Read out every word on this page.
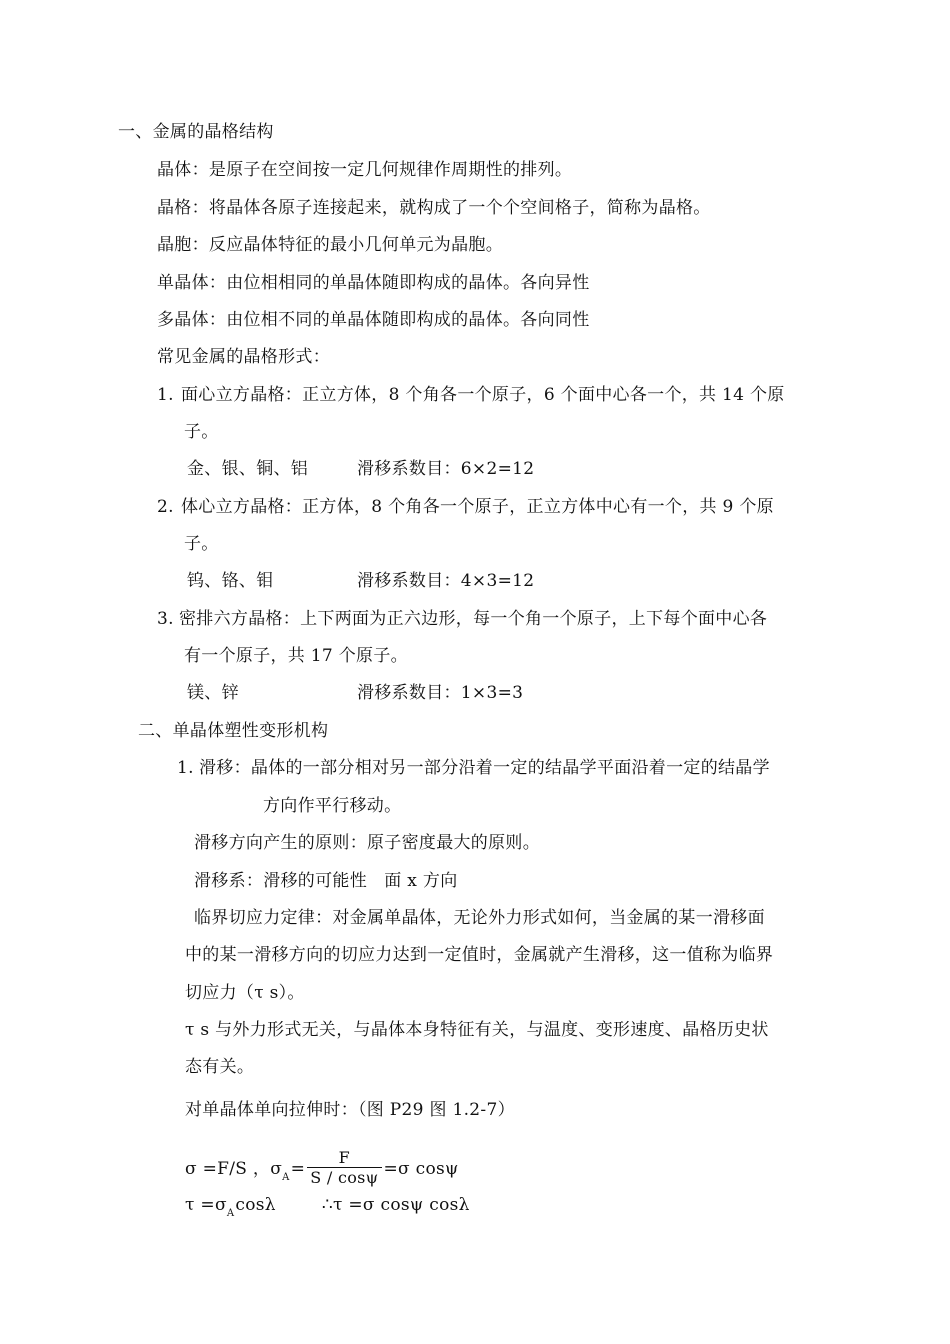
一、金属的晶格结构
晶体：是原子在空间按一定几何规律作周期性的排列。
晶格：将晶体各原子连接起来，就构成了一个个空间格子，简称为晶格。
晶胞：反应晶体特征的最小几何单元为晶胞。
单晶体：由位相相同的单晶体随即构成的晶体。各向异性
多晶体：由位相不同的单晶体随即构成的晶体。各向同性
常见金属的晶格形式：
1. 面心立方晶格：正立方体，8 个角各一个原子，6 个面中心各一个，共 14 个原
子。
金、银、铜、铝	滑移系数目：6×2=12
2. 体心立方晶格：正方体，8 个角各一个原子，正立方体中心有一个，共 9 个原
子。
钨、铬、钼	滑移系数目：4×3=12
3. 密排六方晶格：上下两面为正六边形，每一个角一个原子，上下每个面中心各
有一个原子，共 17 个原子。
镁、锌	滑移系数目：1×3=3
二、单晶体塑性变形机构
1. 滑移：晶体的一部分相对另一部分沿着一定的结晶学平面沿着一定的结晶学
方向作平行移动。
滑移方向产生的原则：原子密度最大的原则。
滑移系：滑移的可能性　面 x 方向
临界切应力定律：对金属单晶体，无论外力形式如何，当金属的某一滑移面
中的某一滑移方向的切应力达到一定值时，金属就产生滑移，这一值称为临界
切应力（τ s）。
τ s 与外力形式无关，与晶体本身特征有关，与温度、变形速度、晶格历史状
态有关。
对单晶体单向拉伸时：（图 P29 图 1.2-7）
σ =F/S ，$\sigma_A= \frac{F}{S / \cos\psi} =\sigma$ cosψ
$\tau =\sigma_A\cos\lambda$	∴τ =σ cosψ cosλ
